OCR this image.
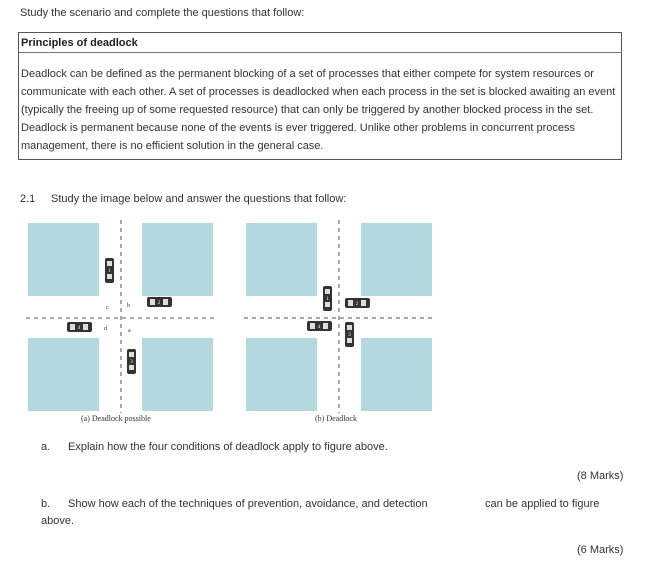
Study the scenario and complete the questions that follow:
Principles of deadlock
Deadlock can be defined as the permanent blocking of a set of processes that either compete for system resources or
communicate with each other. A set of processes is deadlocked when each process in the set is blocked awaiting an event
(typically the freeing up of some requested resource) that can only be triggered by another blocked process in the set.
Deadlock is permanent because none of the events is ever triggered. Unlike other problems in concurrent process
management, there is no efficient solution in the general case.
2.1 Study the image below and answer the questions that follow:
1
2
3
4
c	b
d	a
1
2
3
4
(a) Deadlock possible	(b) Deadlock
a. Explain how the four conditions of deadlock apply to figure above.
(8 Marks)
b. Show how each of the techniques of prevention, avoidance, and detection	can be applied to figure
above.
(6 Marks)
